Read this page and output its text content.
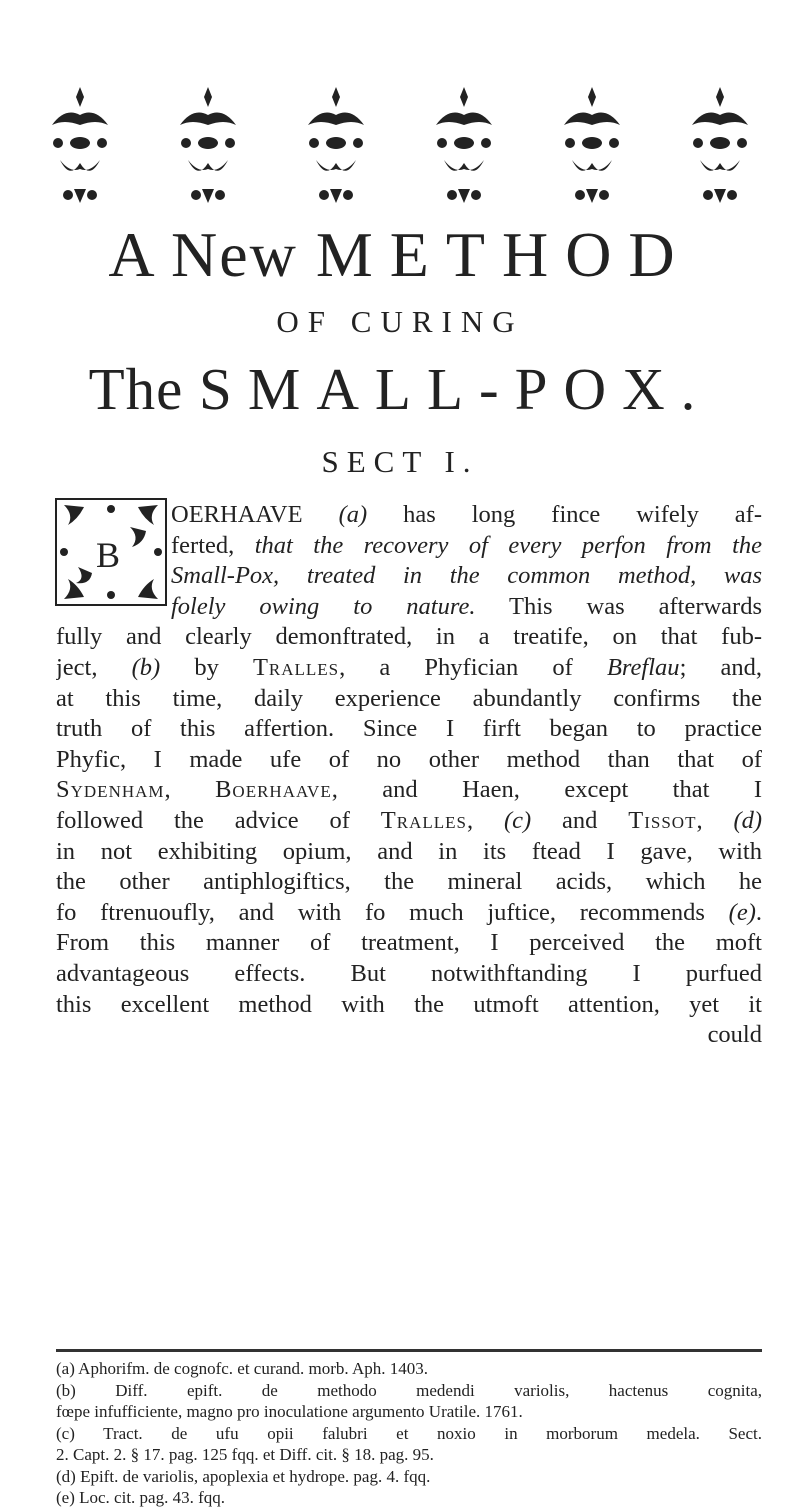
A New METHOD
OF CURING
The SMALL-POX.
SECT I.
B
OERHAAVE (a) has long fince wifely af-
ferted, that the recovery of every perfon from the
Small-Pox, treated in the common method, was
folely owing to nature. This was afterwards
fully and clearly demonftrated, in a treatife, on that fub-
ject, (b) by Tralles, a Phyfician of Breflau; and,
at this time, daily experience abundantly confirms the
truth of this affertion. Since I firft began to practice
Phyfic, I made ufe of no other method than that of
Sydenham, Boerhaave, and Haen, except that I
followed the advice of Tralles, (c) and Tissot, (d)
in not exhibiting opium, and in its ftead I gave, with
the other antiphlogiftics, the mineral acids, which he
fo ftrenuoufly, and with fo much juftice, recommends (e).
From this manner of treatment, I perceived the moft
advantageous effects. But notwithftanding I purfued
this excellent method with the utmoft attention, yet it
could
(a) Aphorifm. de cognofc. et curand. morb. Aph. 1403.
(b) Diff. epift. de methodo medendi variolis, hactenus cognita,
fœpe infufficiente, magno pro inoculatione argumento Uratile. 1761.
(c) Tract. de ufu opii falubri et noxio in morborum medela. Sect.
2. Capt. 2. § 17. pag. 125 fqq. et Diff. cit. § 18. pag. 95.
(d) Epift. de variolis, apoplexia et hydrope. pag. 4. fqq.
(e) Loc. cit. pag. 43. fqq.
